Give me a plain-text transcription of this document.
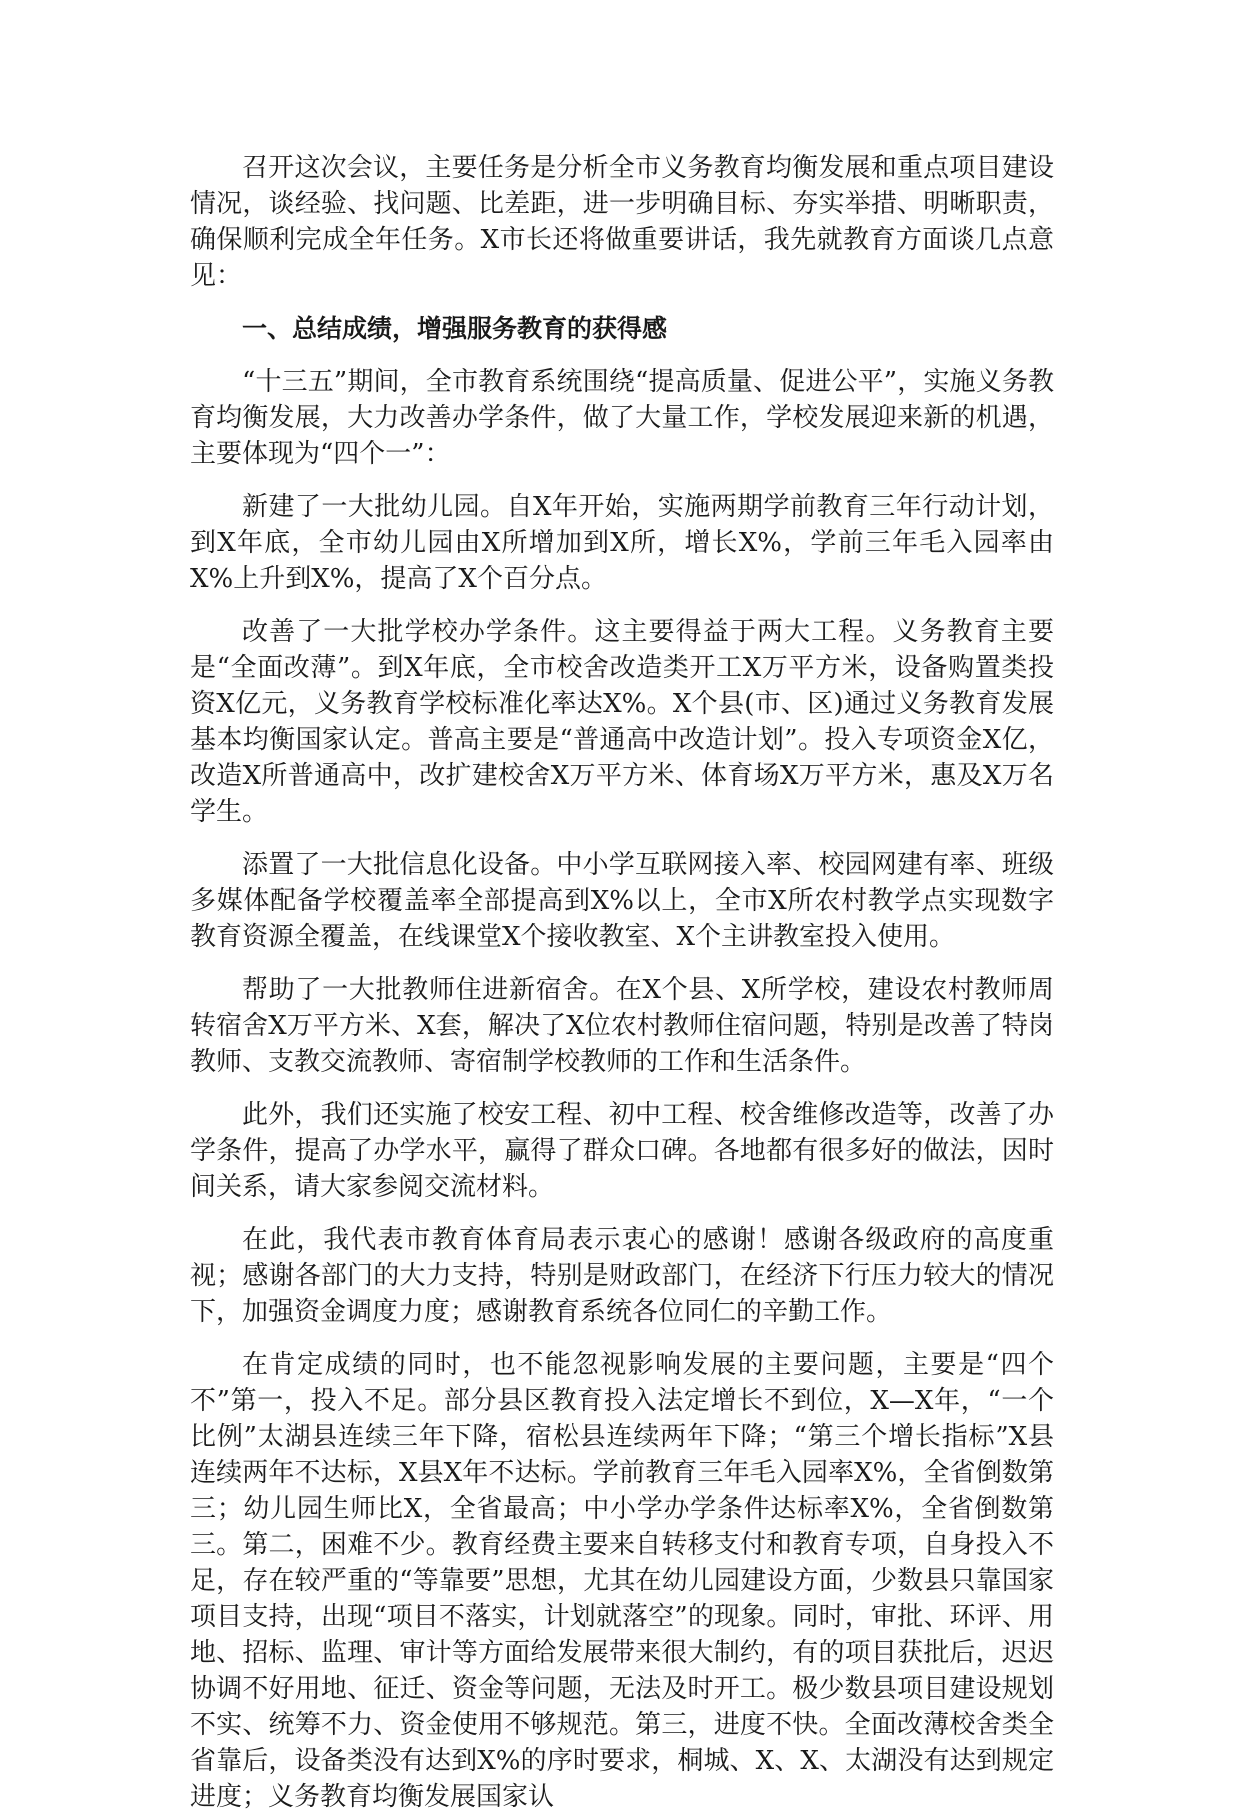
召开这次会议，主要任务是分析全市义务教育均衡发展和重点项目建设情况，谈经验、找问题、比差距，进一步明确目标、夯实举措、明晰职责，确保顺利完成全年任务。X市长还将做重要讲话，我先就教育方面谈几点意见：

一、总结成绩，增强服务教育的获得感

“十三五”期间，全市教育系统围绕“提高质量、促进公平”，实施义务教育均衡发展，大力改善办学条件，做了大量工作，学校发展迎来新的机遇，主要体现为“四个一”：

新建了一大批幼儿园。自X年开始，实施两期学前教育三年行动计划，到X年底，全市幼儿园由X所增加到X所，增长X%，学前三年毛入园率由X%上升到X%，提高了X个百分点。

改善了一大批学校办学条件。这主要得益于两大工程。义务教育主要是“全面改薄”。到X年底，全市校舍改造类开工X万平方米，设备购置类投资X亿元，义务教育学校标准化率达X%。X个县(市、区)通过义务教育发展基本均衡国家认定。普高主要是“普通高中改造计划”。投入专项资金X亿，改造X所普通高中，改扩建校舍X万平方米、体育场X万平方米，惠及X万名学生。

添置了一大批信息化设备。中小学互联网接入率、校园网建有率、班级多媒体配备学校覆盖率全部提高到X%以上，全市X所农村教学点实现数字教育资源全覆盖，在线课堂X个接收教室、X个主讲教室投入使用。

帮助了一大批教师住进新宿舍。在X个县、X所学校，建设农村教师周转宿舍X万平方米、X套，解决了X位农村教师住宿问题，特别是改善了特岗教师、支教交流教师、寄宿制学校教师的工作和生活条件。

此外，我们还实施了校安工程、初中工程、校舍维修改造等，改善了办学条件，提高了办学水平，赢得了群众口碑。各地都有很多好的做法，因时间关系，请大家参阅交流材料。

在此，我代表市教育体育局表示衷心的感谢！感谢各级政府的高度重视；感谢各部门的大力支持，特别是财政部门，在经济下行压力较大的情况下，加强资金调度力度；感谢教育系统各位同仁的辛勤工作。

在肯定成绩的同时，也不能忽视影响发展的主要问题，主要是“四个不”第一，投入不足。部分县区教育投入法定增长不到位，X—X年，“一个比例”太湖县连续三年下降，宿松县连续两年下降；“第三个增长指标”X县连续两年不达标，X县X年不达标。学前教育三年毛入园率X%，全省倒数第三；幼儿园生师比X，全省最高；中小学办学条件达标率X%，全省倒数第三。第二，困难不少。教育经费主要来自转移支付和教育专项，自身投入不足，存在较严重的“等靠要”思想，尤其在幼儿园建设方面，少数县只靠国家项目支持，出现“项目不落实，计划就落空”的现象。同时，审批、环评、用地、招标、监理、审计等方面给发展带来很大制约，有的项目获批后，迟迟协调不好用地、征迁、资金等问题，无法及时开工。极少数县项目建设规划不实、统筹不力、资金使用不够规范。第三，进度不快。全面改薄校舍类全省靠后，设备类没有达到X%的序时要求，桐城、X、X、太湖没有达到规定进度；义务教育均衡发展国家认
